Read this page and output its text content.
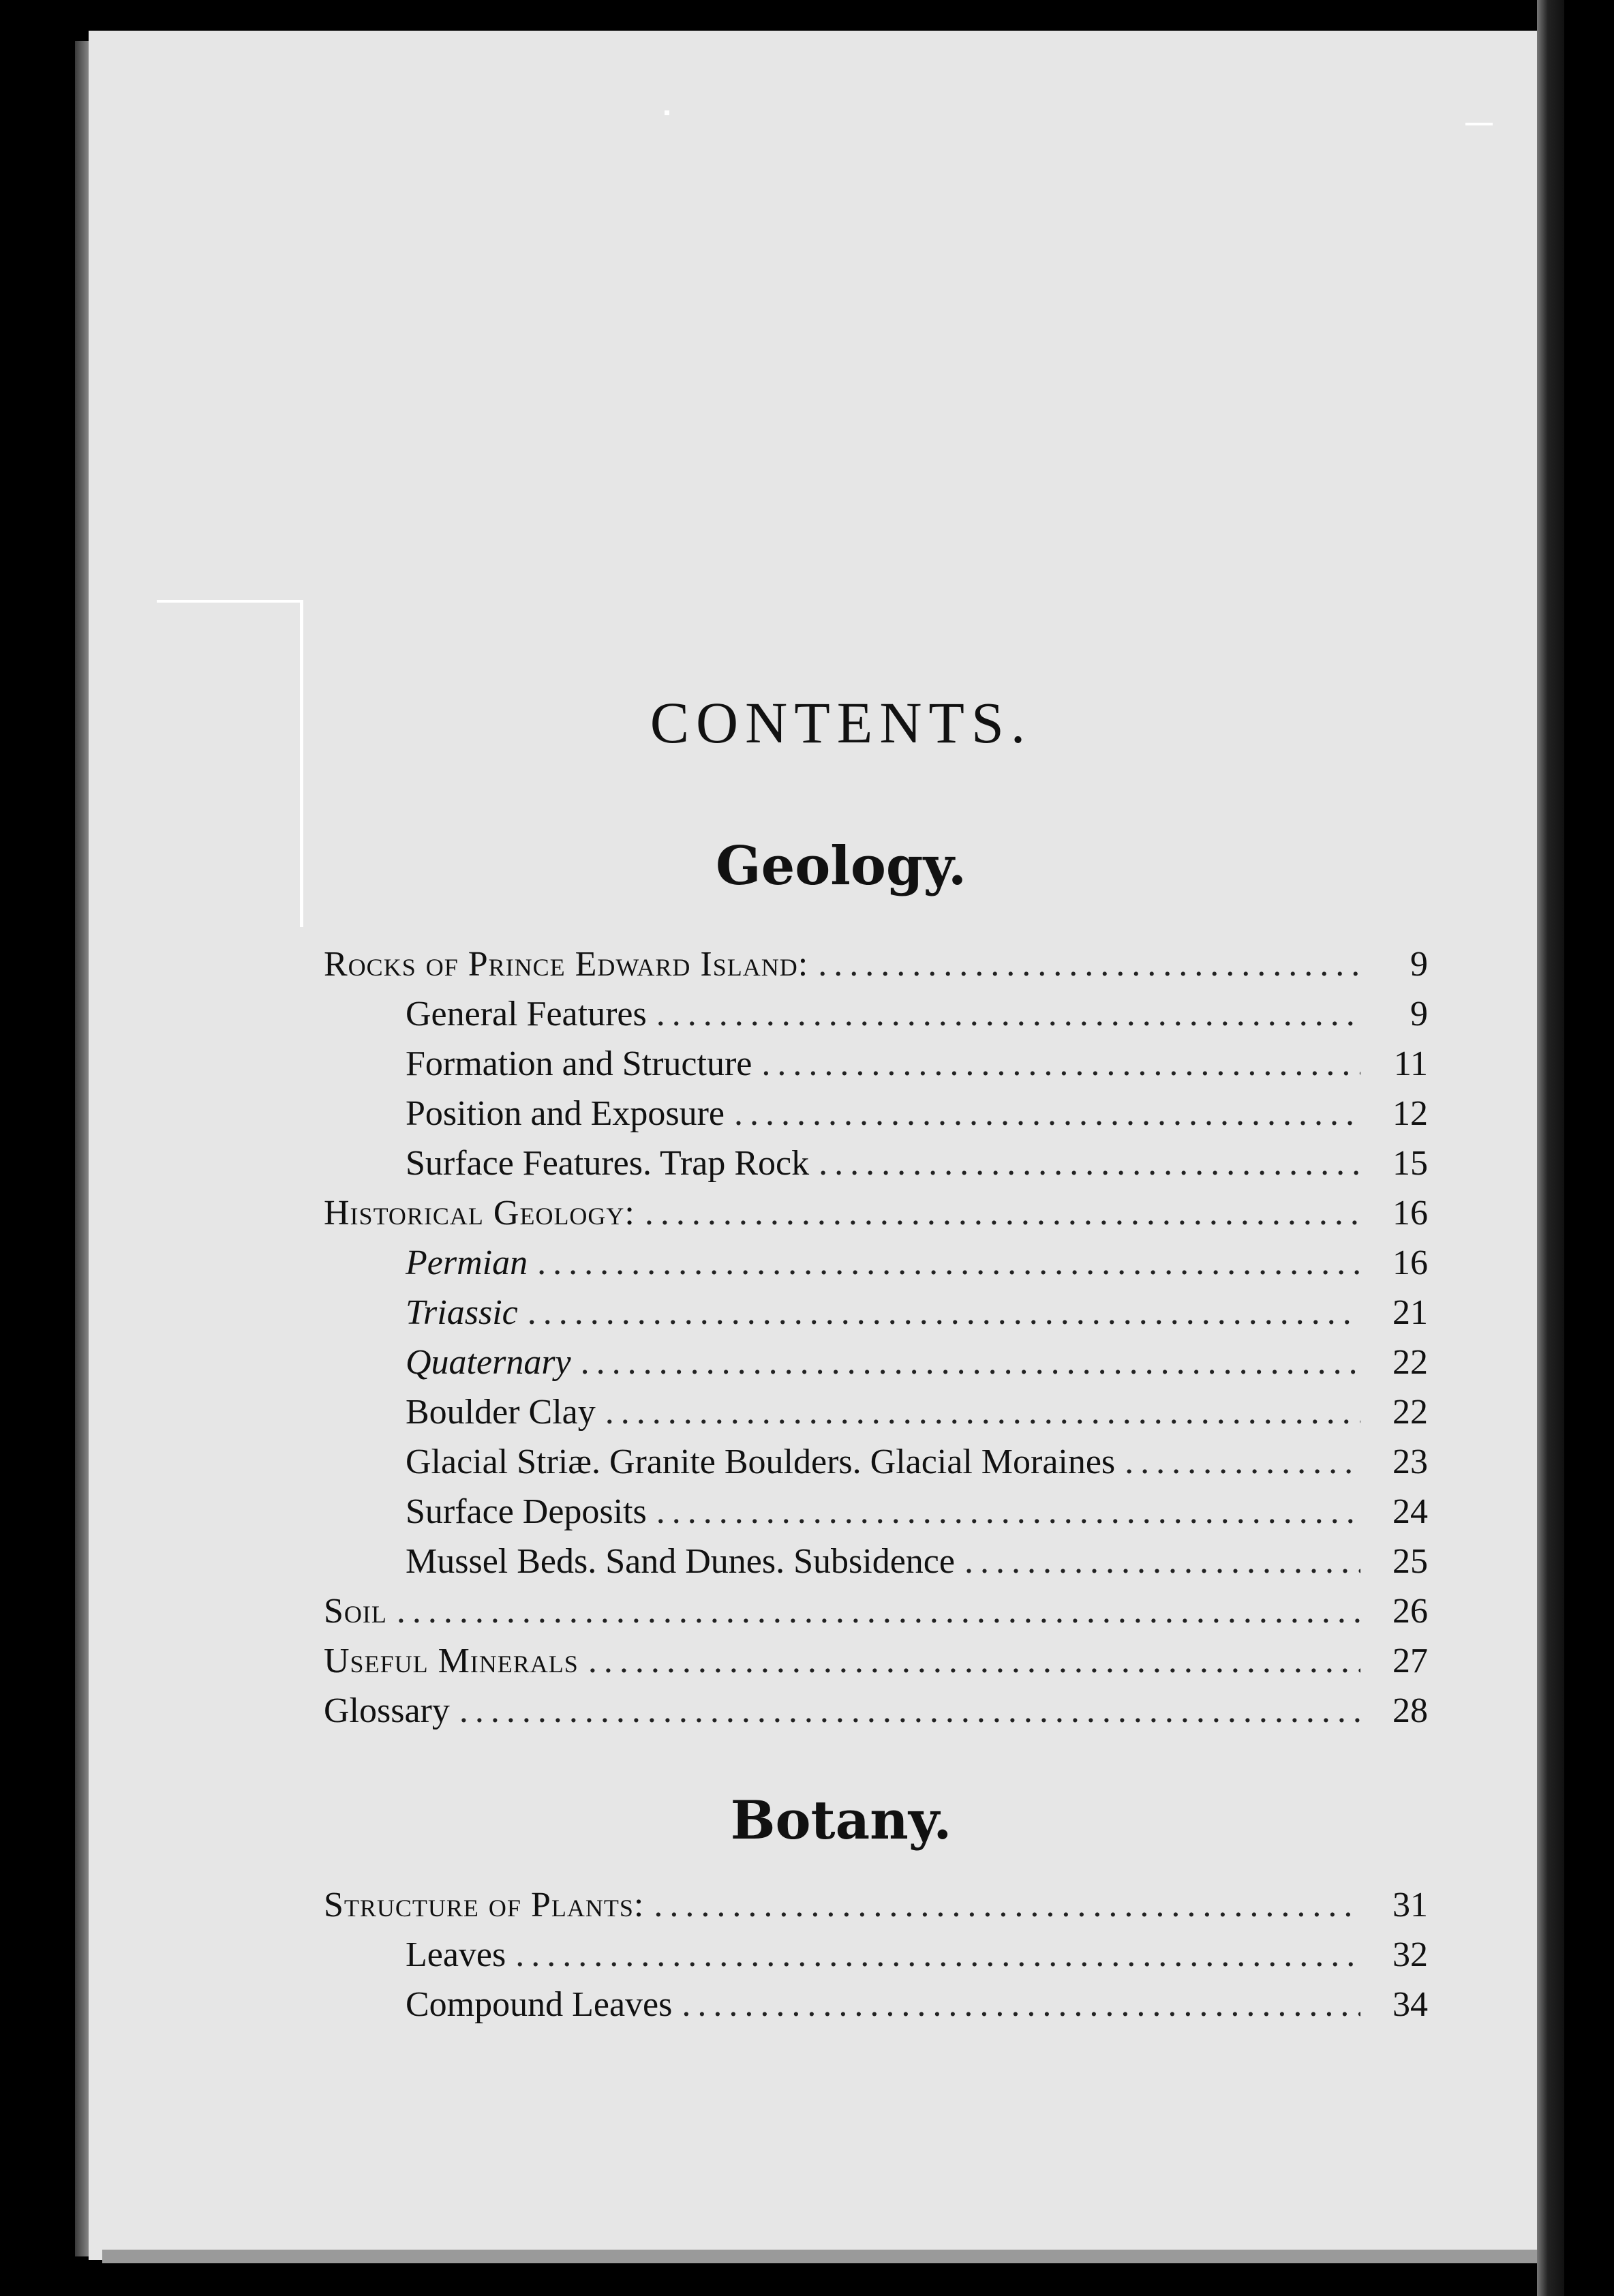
CONTENTS.
Geology.
Rocks of Prince Edward Island: .....	9
General Features .....	9
Formation and Structure .....	11
Position and Exposure .....	12
Surface Features. Trap Rock .....	15
Historical Geology: .....	16
Permian .....	16
Triassic .....	21
Quaternary .....	22
Boulder Clay .....	22
Glacial Striæ. Granite Boulders. Glacial Moraines .....	23
Surface Deposits .....	24
Mussel Beds. Sand Dunes. Subsidence .....	25
Soil .....	26
Useful Minerals .....	27
Glossary .....	28
Botany.
Structure of Plants: .....	31
Leaves .....	32
Compound Leaves .....	34
